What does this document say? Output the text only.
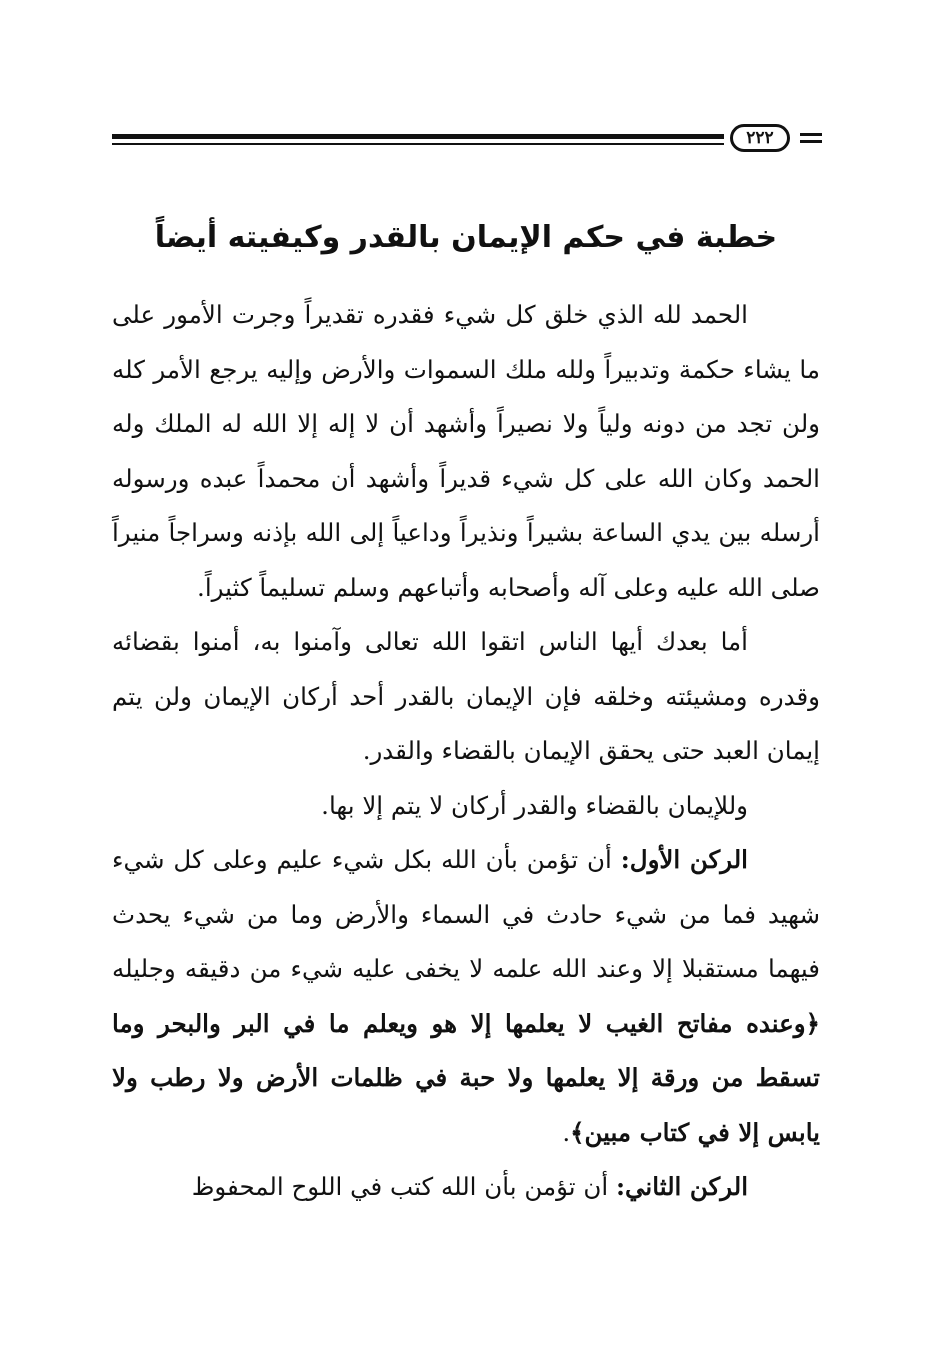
٢٢٢
خطبة في حكم الإيمان بالقدر وكيفيته أيضاً

الحمد لله الذي خلق كل شيء فقدره تقديراً وجرت الأمور على ما يشاء حكمة وتدبيراً ولله ملك السموات والأرض وإليه يرجع الأمر كله ولن تجد من دونه ولياً ولا نصيراً وأشهد أن لا إله إلا الله له الملك وله الحمد وكان الله على كل شيء قديراً وأشهد أن محمداً عبده ورسوله أرسله بين يدي الساعة بشيراً ونذيراً وداعياً إلى الله بإذنه وسراجاً منيراً صلى الله عليه وعلى آله وأصحابه وأتباعهم وسلم تسليماً كثيراً.

أما بعدك أيها الناس اتقوا الله تعالى وآمنوا به، أمنوا بقضائه وقدره ومشيئته وخلقه فإن الإيمان بالقدر أحد أركان الإيمان ولن يتم إيمان العبد حتى يحقق الإيمان بالقضاء والقدر.

وللإيمان بالقضاء والقدر أركان لا يتم إلا بها.

الركن الأول: أن تؤمن بأن الله بكل شيء عليم وعلى كل شيء شهيد فما من شيء حادث في السماء والأرض وما من شيء يحدث فيهما مستقبلا إلا وعند الله علمه لا يخفى عليه شيء من دقيقه وجليله ﴿وعنده مفاتح الغيب لا يعلمها إلا هو ويعلم ما في البر والبحر وما تسقط من ورقة إلا يعلمها ولا حبة في ظلمات الأرض ولا رطب ولا يابس إلا في كتاب مبين﴾.

الركن الثاني: أن تؤمن بأن الله كتب في اللوح المحفوظ
